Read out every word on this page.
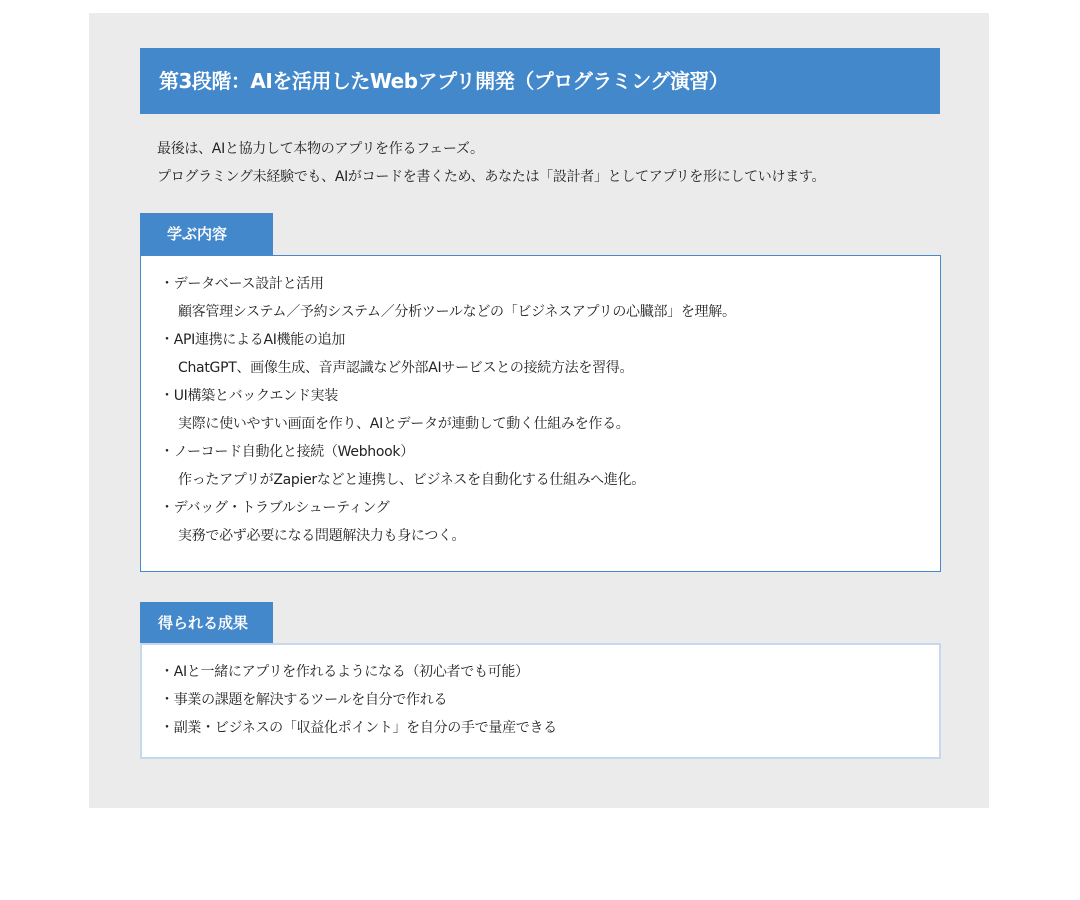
第3段階：AIを活用したWebアプリ開発（プログラミング演習）
最後は、AIと協力して本物のアプリを作るフェーズ。
プログラミング未経験でも、AIがコードを書くため、あなたは「設計者」としてアプリを形にしていけます。
学ぶ内容
・データベース設計と活用
顧客管理システム／予約システム／分析ツールなどの「ビジネスアプリの心臓部」を理解。
・API連携によるAI機能の追加
ChatGPT、画像生成、音声認識など外部AIサービスとの接続方法を習得。
・UI構築とバックエンド実装
実際に使いやすい画面を作り、AIとデータが連動して動く仕組みを作る。
・ノーコード自動化と接続（Webhook）
作ったアプリがZapierなどと連携し、ビジネスを自動化する仕組みへ進化。
・デバッグ・トラブルシューティング
実務で必ず必要になる問題解決力も身につく。
得られる成果
・AIと一緒にアプリを作れるようになる（初心者でも可能）
・事業の課題を解決するツールを自分で作れる
・副業・ビジネスの「収益化ポイント」を自分の手で量産できる
